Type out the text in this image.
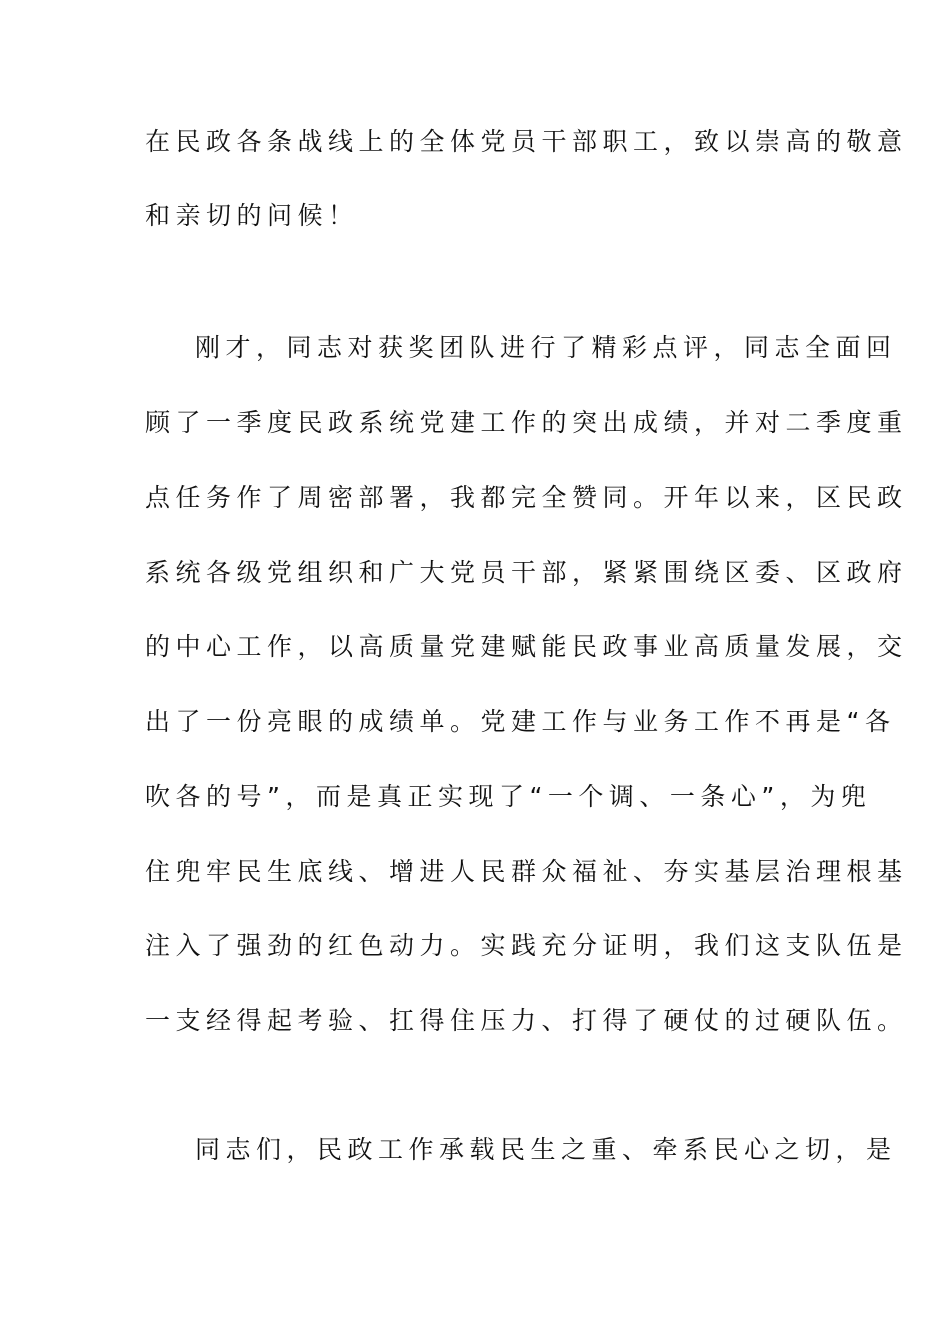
在民政各条战线上的全体党员干部职工，致以崇高的敬意
和亲切的问候！
刚才，同志对获奖团队进行了精彩点评，同志全面回
顾了一季度民政系统党建工作的突出成绩，并对二季度重
点任务作了周密部署，我都完全赞同。开年以来，区民政
系统各级党组织和广大党员干部，紧紧围绕区委、区政府
的中心工作，以高质量党建赋能民政事业高质量发展，交
出了一份亮眼的成绩单。党建工作与业务工作不再是“各
吹各的号”，而是真正实现了“一个调、一条心”，为兜
住兜牢民生底线、增进人民群众福祉、夯实基层治理根基
注入了强劲的红色动力。实践充分证明，我们这支队伍是
一支经得起考验、扛得住压力、打得了硬仗的过硬队伍。
同志们，民政工作承载民生之重、牵系民心之切，是
